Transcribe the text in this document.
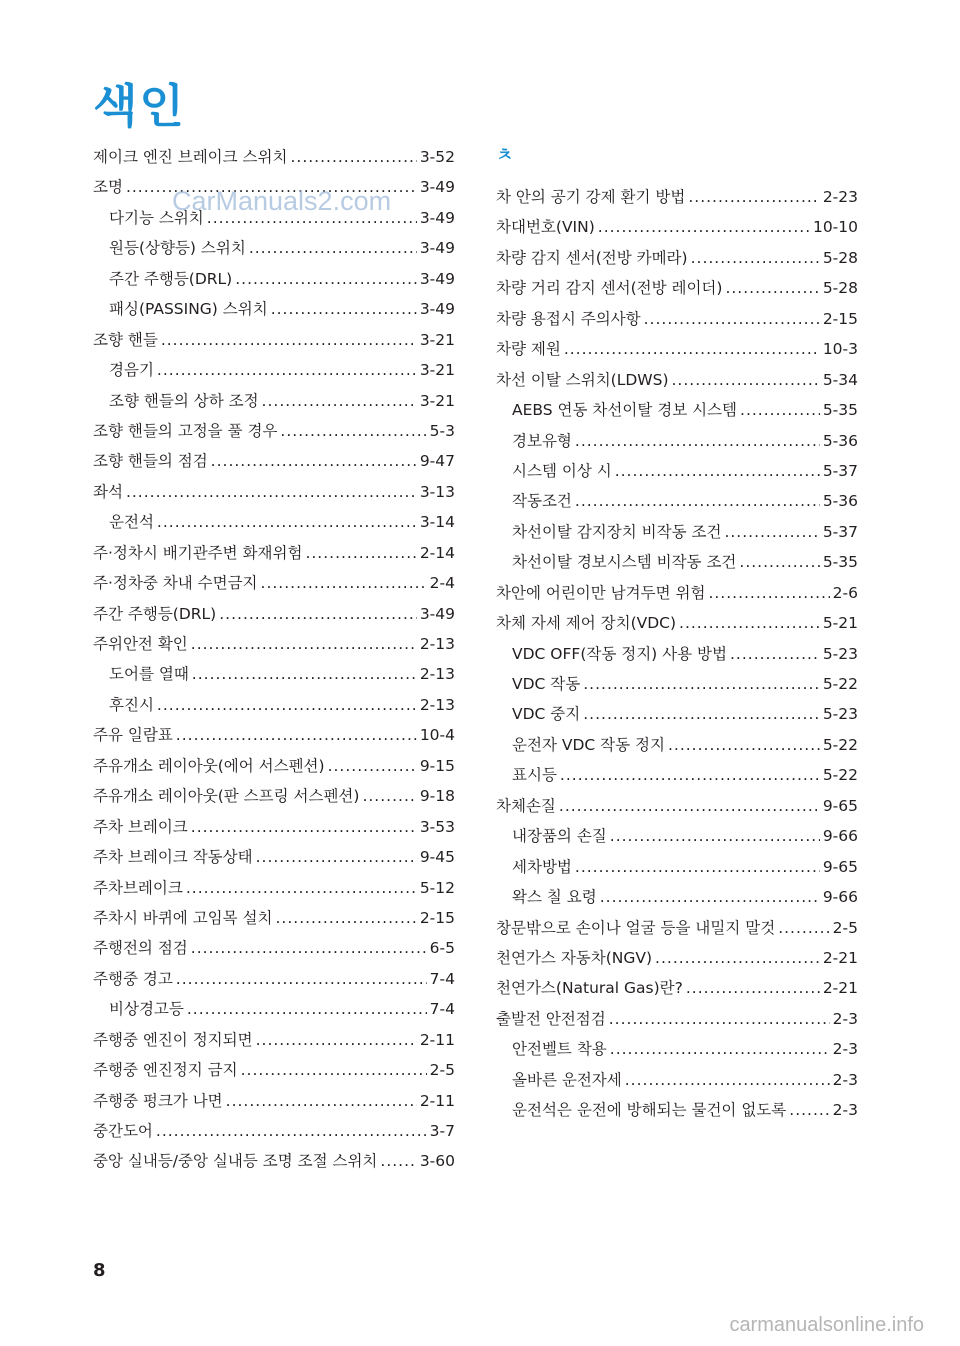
색인
제이크 엔진 브레이크 스위치 .....	3-52
조명 .....	3-49
다기능 스위치 .....	3-49
원등(상향등) 스위치 .....	3-49
주간 주행등(DRL) .....	3-49
패싱(PASSING) 스위치 .....	3-49
조향 핸들 .....	3-21
경음기 .....	3-21
조향 핸들의 상하 조정 .....	3-21
조향 핸들의 고정을 풀 경우 .....	5-3
조향 핸들의 점검 .....	9-47
좌석 .....	3-13
운전석 .....	3-14
주·정차시 배기관주변 화재위험 .....	2-14
주·정차중 차내 수면금지 .....	2-4
주간 주행등(DRL) .....	3-49
주위안전 확인 .....	2-13
도어를 열때 .....	2-13
후진시 .....	2-13
주유 일람표 .....	10-4
주유개소 레이아웃(에어 서스펜션) .....	9-15
주유개소 레이아웃(판 스프링 서스펜션) .....	9-18
주차 브레이크 .....	3-53
주차 브레이크 작동상태 .....	9-45
주차브레이크 .....	5-12
주차시 바퀴에 고임목 설치 .....	2-15
주행전의 점검 .....	6-5
주행중 경고 .....	7-4
비상경고등 .....	7-4
주행중 엔진이 정지되면 .....	2-11
주행중 엔진정지 금지 .....	2-5
주행중 펑크가 나면 .....	2-11
중간도어 .....	3-7
중앙 실내등/중앙 실내등 조명 조절 스위치 .....	3-60
ㅊ
차 안의 공기 강제 환기 방법 .....	2-23
차대번호(VIN) .....	10-10
차량 감지 센서(전방 카메라) .....	5-28
차량 거리 감지 센서(전방 레이더) .....	5-28
차량 용접시 주의사항 .....	2-15
차량 제원 .....	10-3
차선 이탈 스위치(LDWS) .....	5-34
AEBS 연동 차선이탈 경보 시스템 .....	5-35
경보유형 .....	5-36
시스템 이상 시 .....	5-37
작동조건 .....	5-36
차선이탈 감지장치 비작동 조건 .....	5-37
차선이탈 경보시스템 비작동 조건 .....	5-35
차안에 어린이만 남겨두면 위험 .....	2-6
차체 자세 제어 장치(VDC) .....	5-21
VDC OFF(작동 정지) 사용 방법 .....	5-23
VDC 작동 .....	5-22
VDC 중지 .....	5-23
운전자 VDC 작동 정지 .....	5-22
표시등 .....	5-22
차체손질 .....	9-65
내장품의 손질 .....	9-66
세차방법 .....	9-65
왁스 칠 요령 .....	9-66
창문밖으로 손이나 얼굴 등을 내밀지 말것 .....	2-5
천연가스 자동차(NGV) .....	2-21
천연가스(Natural Gas)란? .....	2-21
출발전 안전점검 .....	2-3
안전벨트 착용 .....	2-3
올바른 운전자세 .....	2-3
운전석은 운전에 방해되는 물건이 없도록 .....	2-3
CarManuals2.com
8
carmanualsonline.info
